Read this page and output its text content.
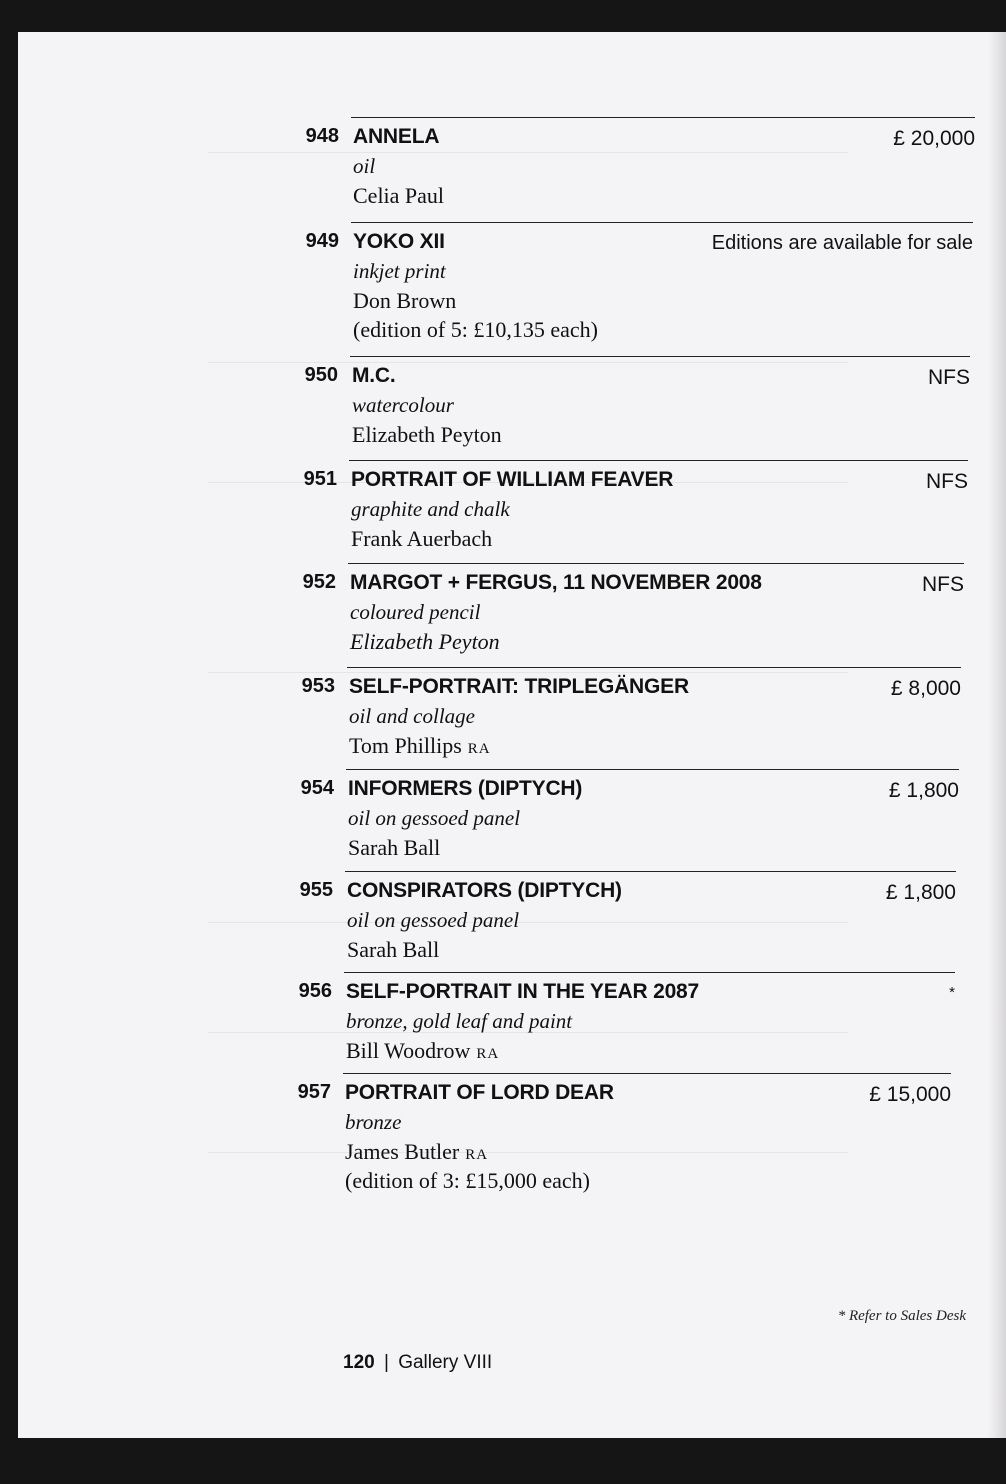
948 ANNELA	£ 20,000
oil
Celia Paul
949 YOKO XII	Editions are available for sale
inkjet print
Don Brown
(edition of 5: £10,135 each)
950 M.C.	NFS
watercolour
Elizabeth Peyton
951 PORTRAIT OF WILLIAM FEAVER	NFS
graphite and chalk
Frank Auerbach
952 MARGOT + FERGUS, 11 NOVEMBER 2008	NFS
coloured pencil
Elizabeth Peyton
953 SELF-PORTRAIT: TRIPLEGÄNGER	£ 8,000
oil and collage
Tom Phillips RA
954 INFORMERS (DIPTYCH)	£ 1,800
oil on gessoed panel
Sarah Ball
955 CONSPIRATORS (DIPTYCH)	£ 1,800
oil on gessoed panel
Sarah Ball
956 SELF-PORTRAIT IN THE YEAR 2087	*
bronze, gold leaf and paint
Bill Woodrow RA
957 PORTRAIT OF LORD DEAR	£ 15,000
bronze
James Butler RA
(edition of 3: £15,000 each)
* Refer to Sales Desk
120 | Gallery VIII
